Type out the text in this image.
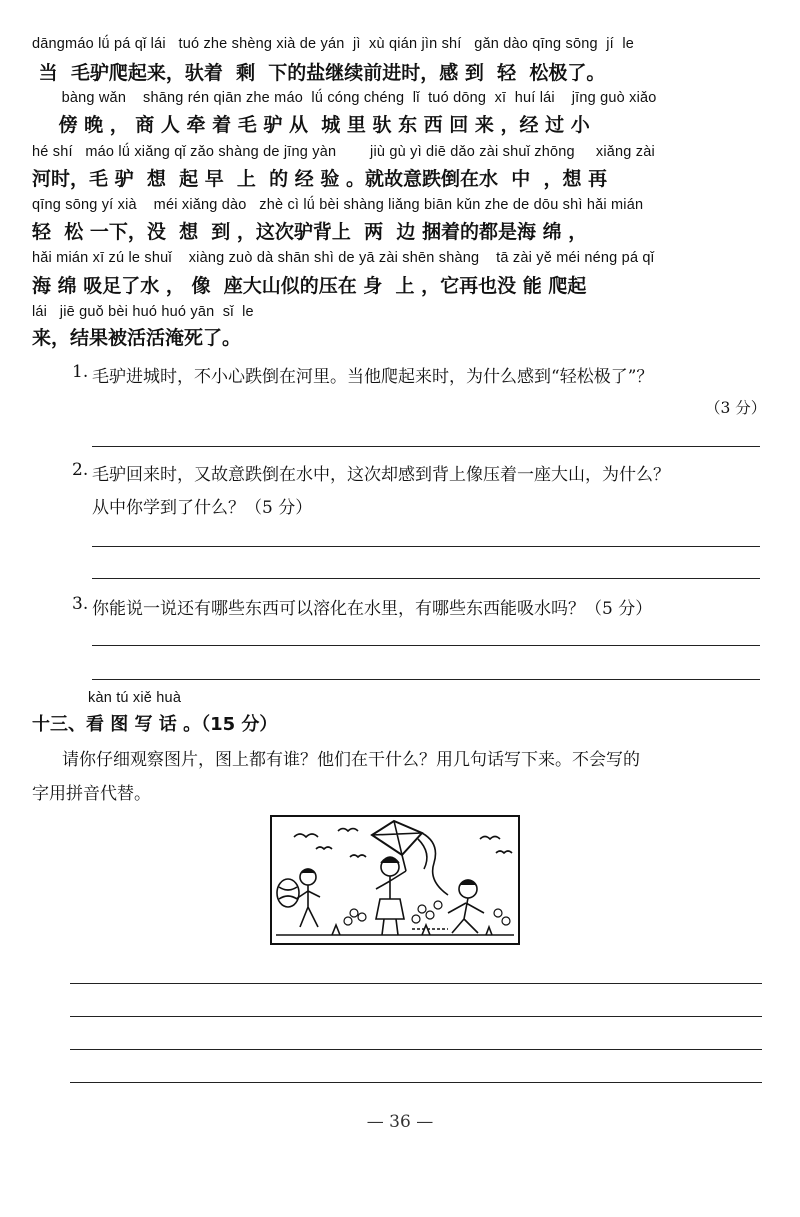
dāngmáo lǘ pá qǐ lái   tuó zhe shèng xià de yán  jì  xù qián jìn shí   gǎn dào qīng sōng  jí  le
当  毛驴爬起来，驮着  剩  下的盐继续前进时，感 到  轻  松极了。
bàng wǎn    shāng rén qiān zhe máo  lǘ cóng chéng  lǐ  tuó dōng  xī  huí lái    jīng guò xiǎo
傍 晚 ， 商 人 牵 着 毛 驴 从  城 里 驮 东 西 回 来 ，经 过 小
hé shí   máo lǘ xiǎng qǐ zǎo shàng de jīng yàn        jiù gù yì diē dǎo zài shuǐ zhōng     xiǎng zài
河时，毛 驴  想  起 早  上  的 经 验 。就故意跌倒在水  中  ，想 再
qīng sōng yí xià    méi xiǎng dào   zhè cì lǘ bèi shàng liǎng biān kǔn zhe de dōu shì hǎi mián
轻  松 一下，没  想  到 ，这次驴背上  两  边 捆着的都是海 绵 ，
hǎi mián xī zú le shuǐ    xiàng zuò dà shān shì de yā zài shēn shàng    tā zài yě méi néng pá qǐ
海 绵 吸足了水 ， 像  座大山似的压在 身  上 ，它再也没 能 爬起
lái   jiē guǒ bèi huó huó yān  sǐ  le
来，结果被活活淹死了。
1. 毛驴进城时，不小心跌倒在河里。当他爬起来时，为什么感到“轻松极了”？
（3 分）
2. 毛驴回来时，又故意跌倒在水中，这次却感到背上像压着一座大山，为什么？
从中你学到了什么？（5 分）
3. 你能说一说还有哪些东西可以溶化在水里，有哪些东西能吸水吗？（5 分）
kàn tú xiě huà
十三、看 图 写 话 。（15 分）
请你仔细观察图片，图上都有谁？他们在干什么？用几句话写下来。不会写的
字用拼音代替。
— 36 —
